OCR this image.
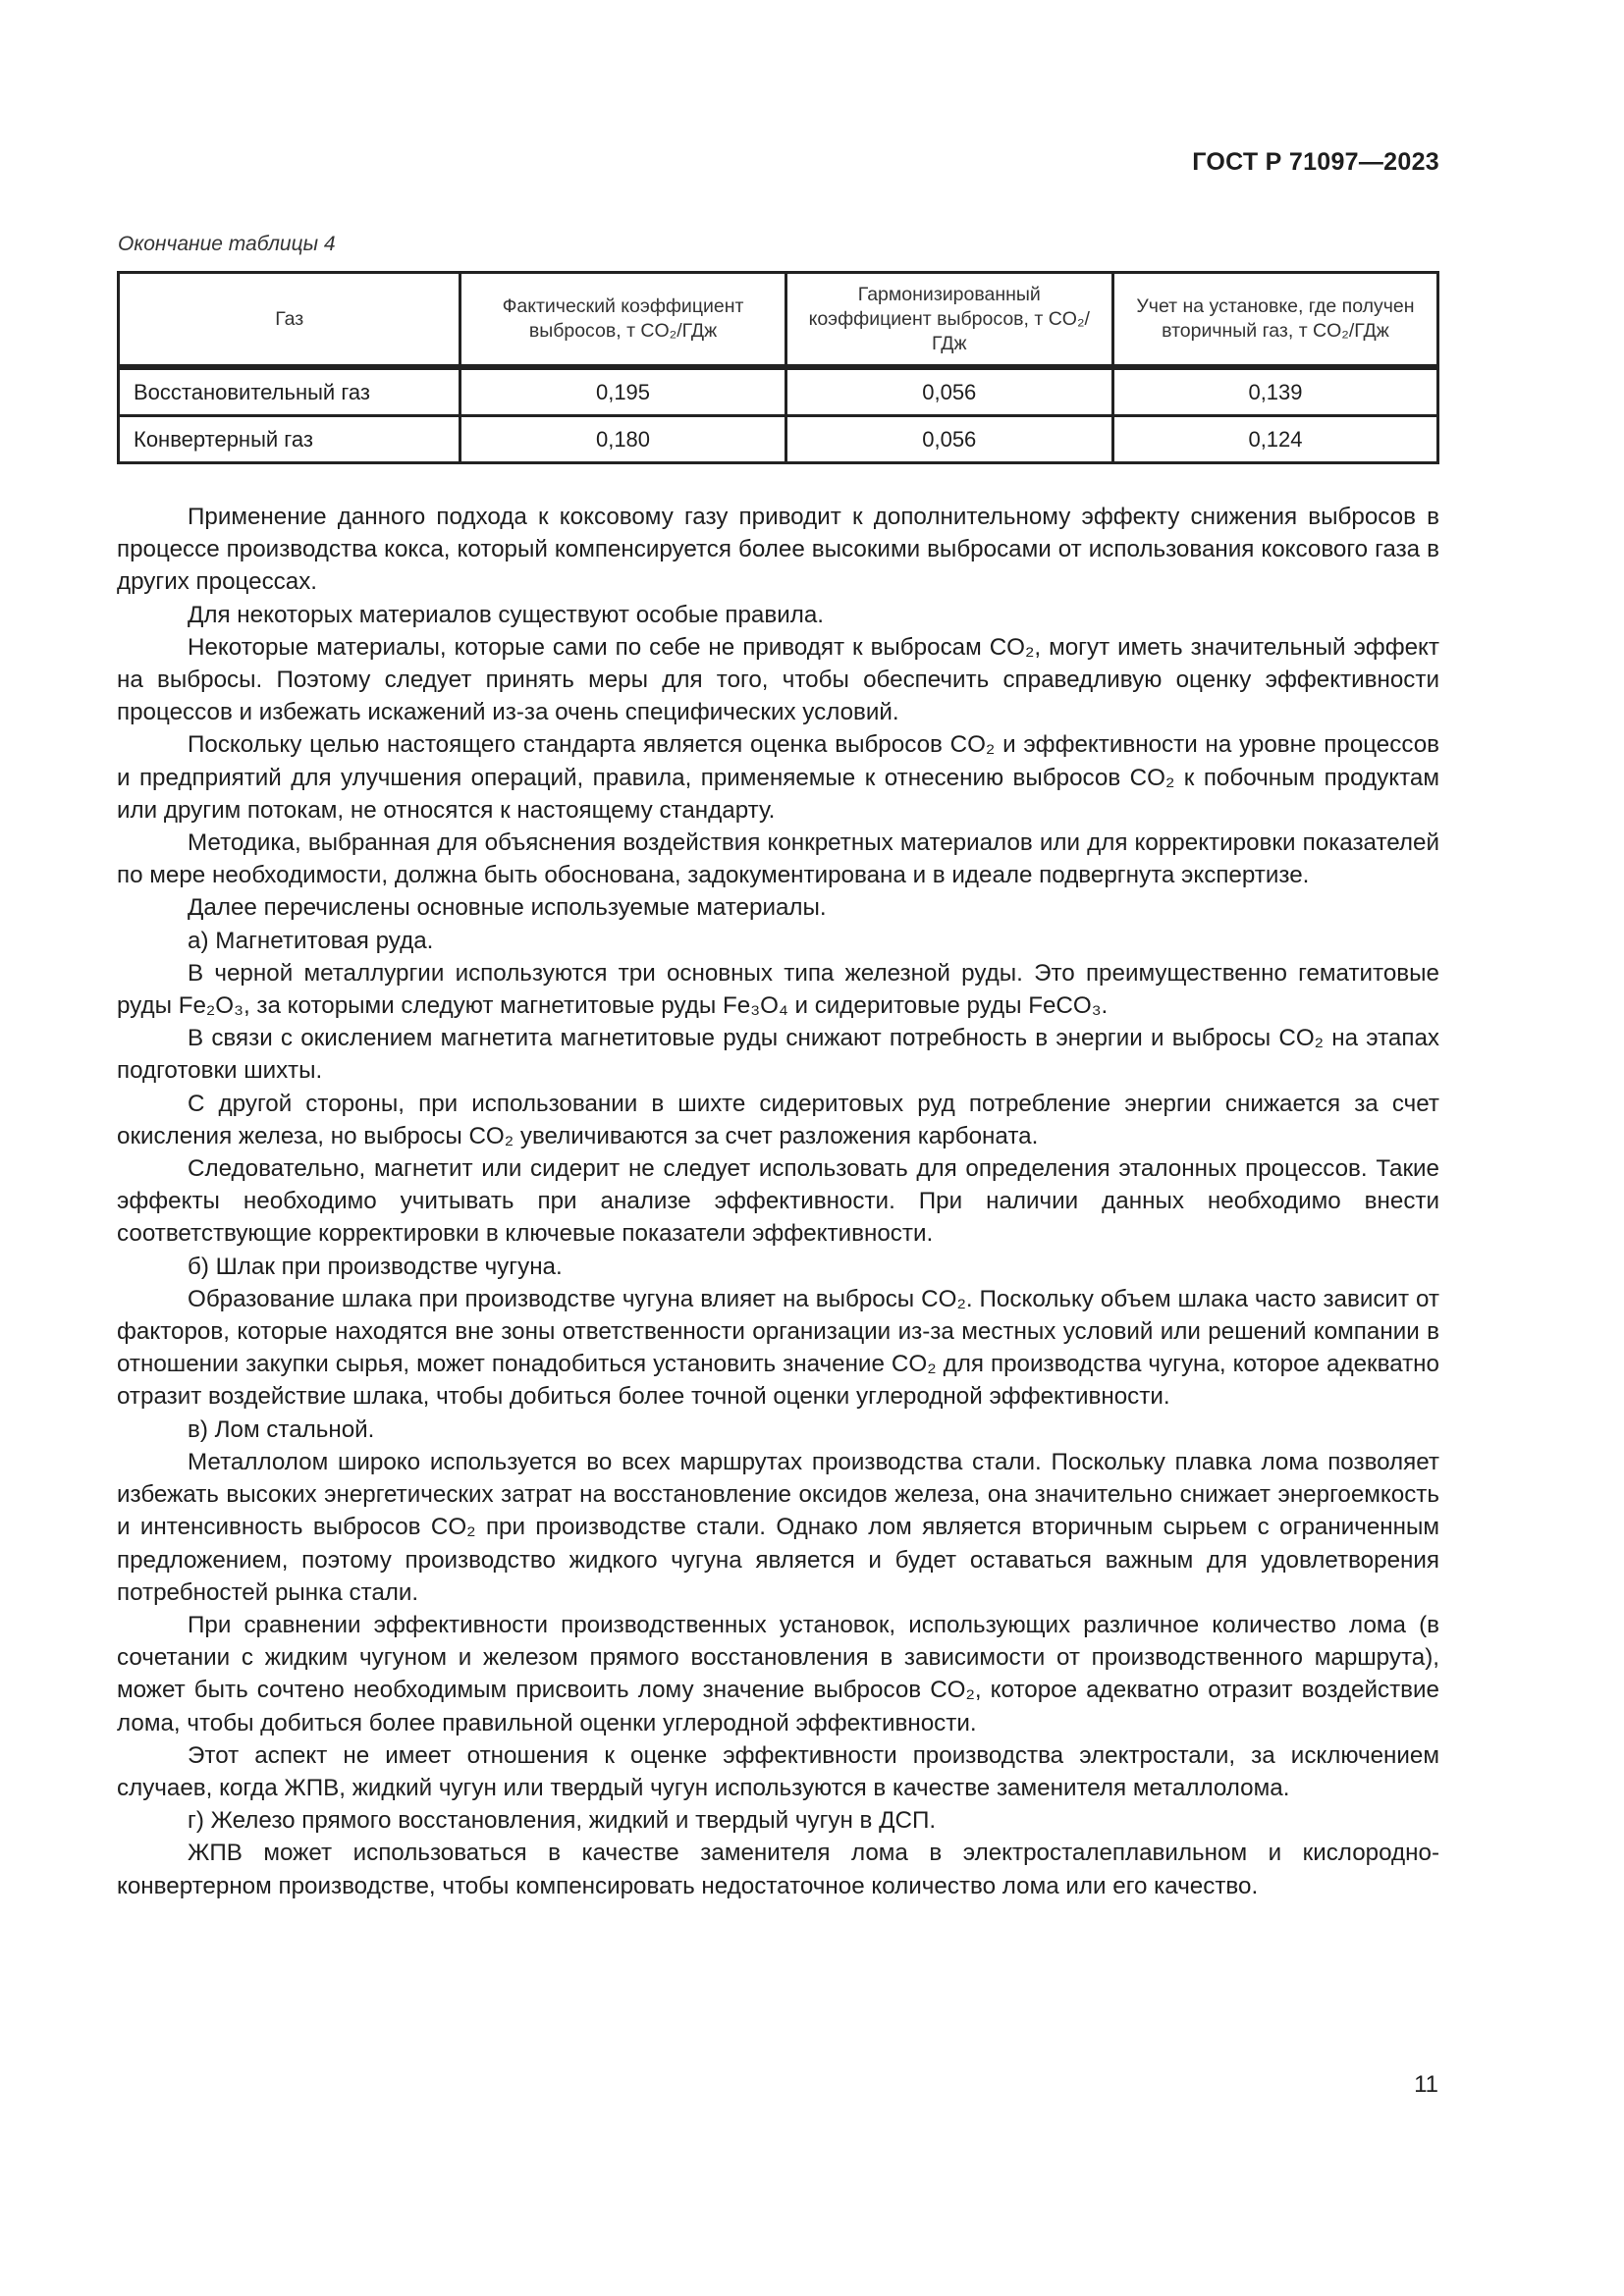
ГОСТ Р 71097—2023
Окончание таблицы 4
Газ	Фактический коэффициент выбросов, т CO₂/ГДж	Гармонизированный коэффициент выбросов, т CO₂/ГДж	Учет на установке, где получен вторичный газ, т CO₂/ГДж

Восстановительный газ	0,195	0,056	0,139
Конвертерный газ	0,180	0,056	0,124

Применение данного подхода к коксовому газу приводит к дополнительному эффекту снижения выбросов в процессе производства кокса, который компенсируется более высокими выбросами от использования коксового газа в других процессах.

Для некоторых материалов существуют особые правила.

Некоторые материалы, которые сами по себе не приводят к выбросам CO₂, могут иметь значительный эффект на выбросы. Поэтому следует принять меры для того, чтобы обеспечить справедливую оценку эффективности процессов и избежать искажений из-за очень специфических условий.

Поскольку целью настоящего стандарта является оценка выбросов CO₂ и эффективности на уровне процессов и предприятий для улучшения операций, правила, применяемые к отнесению выбросов CO₂ к побочным продуктам или другим потокам, не относятся к настоящему стандарту.

Методика, выбранная для объяснения воздействия конкретных материалов или для корректировки показателей по мере необходимости, должна быть обоснована, задокументирована и в идеале подвергнута экспертизе.

Далее перечислены основные используемые материалы.

а) Магнетитовая руда.

В черной металлургии используются три основных типа железной руды. Это преимущественно гематитовые руды Fe₂O₃, за которыми следуют магнетитовые руды Fe₃O₄ и сидеритовые руды FeCO₃.

В связи с окислением магнетита магнетитовые руды снижают потребность в энергии и выбросы CO₂ на этапах подготовки шихты.

С другой стороны, при использовании в шихте сидеритовых руд потребление энергии снижается за счет окисления железа, но выбросы CO₂ увеличиваются за счет разложения карбоната.

Следовательно, магнетит или сидерит не следует использовать для определения эталонных процессов. Такие эффекты необходимо учитывать при анализе эффективности. При наличии данных необходимо внести соответствующие корректировки в ключевые показатели эффективности.

б) Шлак при производстве чугуна.

Образование шлака при производстве чугуна влияет на выбросы CO₂. Поскольку объем шлака часто зависит от факторов, которые находятся вне зоны ответственности организации из-за местных условий или решений компании в отношении закупки сырья, может понадобиться установить значение CO₂ для производства чугуна, которое адекватно отразит воздействие шлака, чтобы добиться более точной оценки углеродной эффективности.

в) Лом стальной.

Металлолом широко используется во всех маршрутах производства стали. Поскольку плавка лома позволяет избежать высоких энергетических затрат на восстановление оксидов железа, она значительно снижает энергоемкость и интенсивность выбросов CO₂ при производстве стали. Однако лом является вторичным сырьем с ограниченным предложением, поэтому производство жидкого чугуна является и будет оставаться важным для удовлетворения потребностей рынка стали.

При сравнении эффективности производственных установок, использующих различное количество лома (в сочетании с жидким чугуном и железом прямого восстановления в зависимости от производственного маршрута), может быть сочтено необходимым присвоить лому значение выбросов CO₂, которое адекватно отразит воздействие лома, чтобы добиться более правильной оценки углеродной эффективности.

Этот аспект не имеет отношения к оценке эффективности производства электростали, за исключением случаев, когда ЖПВ, жидкий чугун или твердый чугун используются в качестве заменителя металлолома.

г) Железо прямого восстановления, жидкий и твердый чугун в ДСП.

ЖПВ может использоваться в качестве заменителя лома в электросталеплавильном и кислородно-конвертерном производстве, чтобы компенсировать недостаточное количество лома или его качество.

11
